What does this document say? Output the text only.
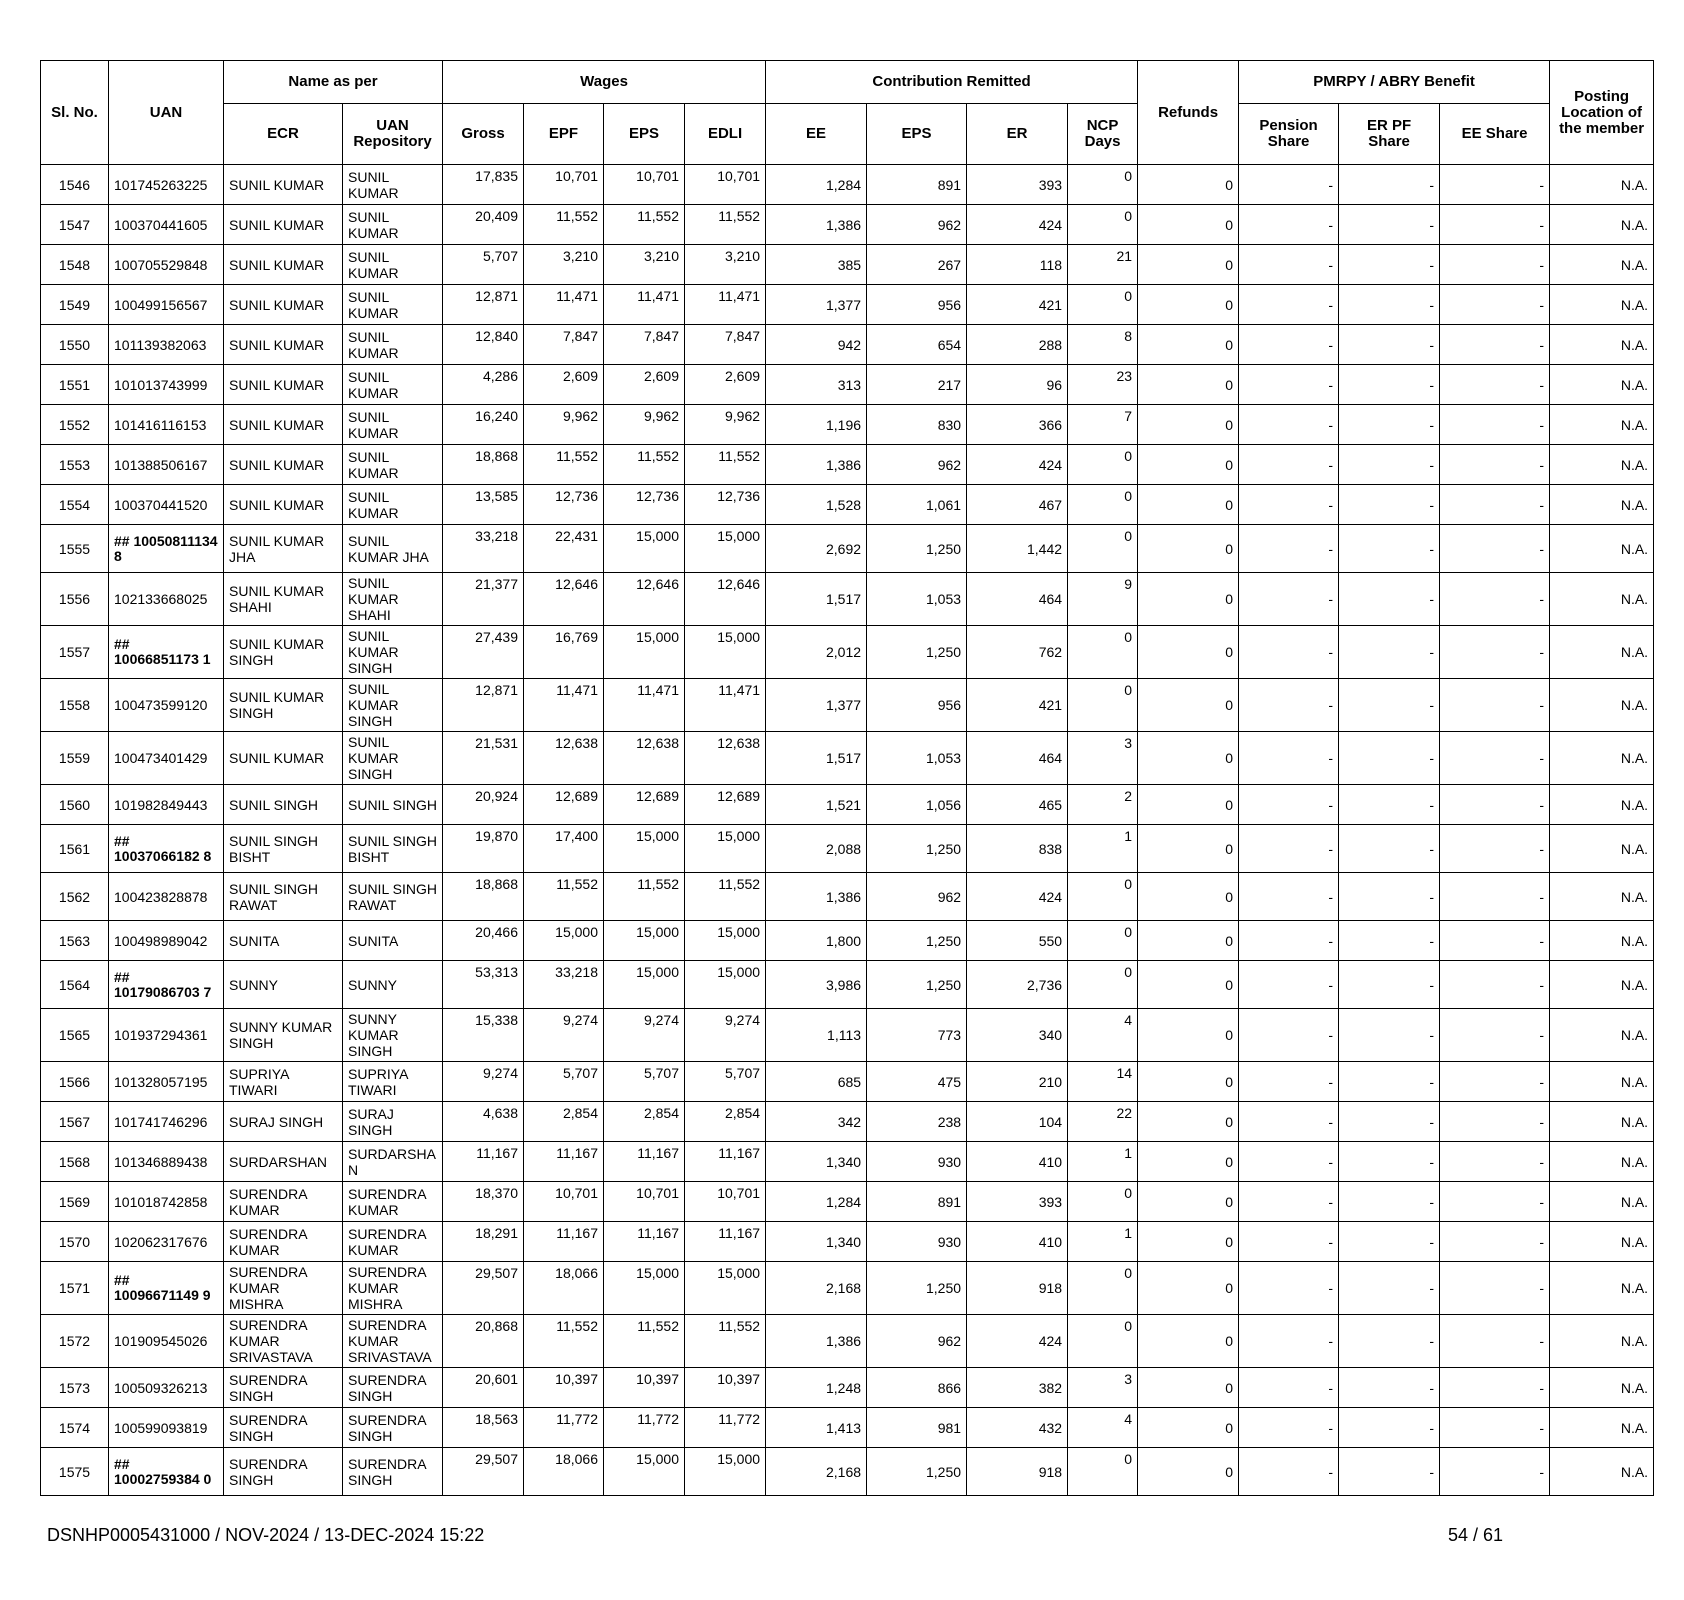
Sl. No.	UAN	Name as per		Wages				Contribution Remitted				Refunds	PMRPY / ABRY Benefit			Posting Location of the member
		ECR	UAN Repository	Gross	EPF	EPS	EDLI	EE	EPS	ER	NCP Days		Pension Share	ER PF Share	EE Share	
1546	101745263225	SUNIL KUMAR	SUNIL KUMAR	17,835	10,701	10,701	10,701	1,284	891	393	0	0	-	-	-	N.A.
1547	100370441605	SUNIL KUMAR	SUNIL KUMAR	20,409	11,552	11,552	11,552	1,386	962	424	0	0	-	-	-	N.A.
1548	100705529848	SUNIL KUMAR	SUNIL KUMAR	5,707	3,210	3,210	3,210	385	267	118	21	0	-	-	-	N.A.
1549	100499156567	SUNIL KUMAR	SUNIL KUMAR	12,871	11,471	11,471	11,471	1,377	956	421	0	0	-	-	-	N.A.
1550	101139382063	SUNIL KUMAR	SUNIL KUMAR	12,840	7,847	7,847	7,847	942	654	288	8	0	-	-	-	N.A.
1551	101013743999	SUNIL KUMAR	SUNIL KUMAR	4,286	2,609	2,609	2,609	313	217	96	23	0	-	-	-	N.A.
1552	101416116153	SUNIL KUMAR	SUNIL KUMAR	16,240	9,962	9,962	9,962	1,196	830	366	7	0	-	-	-	N.A.
1553	101388506167	SUNIL KUMAR	SUNIL KUMAR	18,868	11,552	11,552	11,552	1,386	962	424	0	0	-	-	-	N.A.
1554	100370441520	SUNIL KUMAR	SUNIL KUMAR	13,585	12,736	12,736	12,736	1,528	1,061	467	0	0	-	-	-	N.A.
1555	## 10050811134 8	SUNIL KUMAR JHA	SUNIL KUMAR JHA	33,218	22,431	15,000	15,000	2,692	1,250	1,442	0	0	-	-	-	N.A.
1556	102133668025	SUNIL KUMAR SHAHI	SUNIL KUMAR SHAHI	21,377	12,646	12,646	12,646	1,517	1,053	464	9	0	-	-	-	N.A.
1557	## 10066851173 1	SUNIL KUMAR SINGH	SUNIL KUMAR SINGH	27,439	16,769	15,000	15,000	2,012	1,250	762	0	0	-	-	-	N.A.
1558	100473599120	SUNIL KUMAR SINGH	SUNIL KUMAR SINGH	12,871	11,471	11,471	11,471	1,377	956	421	0	0	-	-	-	N.A.
1559	100473401429	SUNIL KUMAR	SUNIL KUMAR SINGH	21,531	12,638	12,638	12,638	1,517	1,053	464	3	0	-	-	-	N.A.
1560	101982849443	SUNIL SINGH	SUNIL SINGH	20,924	12,689	12,689	12,689	1,521	1,056	465	2	0	-	-	-	N.A.
1561	## 10037066182 8	SUNIL SINGH BISHT	SUNIL SINGH BISHT	19,870	17,400	15,000	15,000	2,088	1,250	838	1	0	-	-	-	N.A.
1562	100423828878	SUNIL SINGH RAWAT	SUNIL SINGH RAWAT	18,868	11,552	11,552	11,552	1,386	962	424	0	0	-	-	-	N.A.
1563	100498989042	SUNITA	SUNITA	20,466	15,000	15,000	15,000	1,800	1,250	550	0	0	-	-	-	N.A.
1564	## 10179086703 7	SUNNY	SUNNY	53,313	33,218	15,000	15,000	3,986	1,250	2,736	0	0	-	-	-	N.A.
1565	101937294361	SUNNY KUMAR SINGH	SUNNY KUMAR SINGH	15,338	9,274	9,274	9,274	1,113	773	340	4	0	-	-	-	N.A.
1566	101328057195	SUPRIYA TIWARI	SUPRIYA TIWARI	9,274	5,707	5,707	5,707	685	475	210	14	0	-	-	-	N.A.
1567	101741746296	SURAJ SINGH	SURAJ SINGH	4,638	2,854	2,854	2,854	342	238	104	22	0	-	-	-	N.A.
1568	101346889438	SURDARSHAN	SURDARSHA N	11,167	11,167	11,167	11,167	1,340	930	410	1	0	-	-	-	N.A.
1569	101018742858	SURENDRA KUMAR	SURENDRA KUMAR	18,370	10,701	10,701	10,701	1,284	891	393	0	0	-	-	-	N.A.
1570	102062317676	SURENDRA KUMAR	SURENDRA KUMAR	18,291	11,167	11,167	11,167	1,340	930	410	1	0	-	-	-	N.A.
1571	## 10096671149 9	SURENDRA KUMAR MISHRA	SURENDRA KUMAR MISHRA	29,507	18,066	15,000	15,000	2,168	1,250	918	0	0	-	-	-	N.A.
1572	101909545026	SURENDRA KUMAR SRIVASTAVA	SURENDRA KUMAR SRIVASTAVA	20,868	11,552	11,552	11,552	1,386	962	424	0	0	-	-	-	N.A.
1573	100509326213	SURENDRA SINGH	SURENDRA SINGH	20,601	10,397	10,397	10,397	1,248	866	382	3	0	-	-	-	N.A.
1574	100599093819	SURENDRA SINGH	SURENDRA SINGH	18,563	11,772	11,772	11,772	1,413	981	432	4	0	-	-	-	N.A.
1575	## 10002759384 0	SURENDRA SINGH	SURENDRA SINGH	29,507	18,066	15,000	15,000	2,168	1,250	918	0	0	-	-	-	N.A.
DSNHP0005431000 / NOV-2024 / 13-DEC-2024 15:22	54 / 61
